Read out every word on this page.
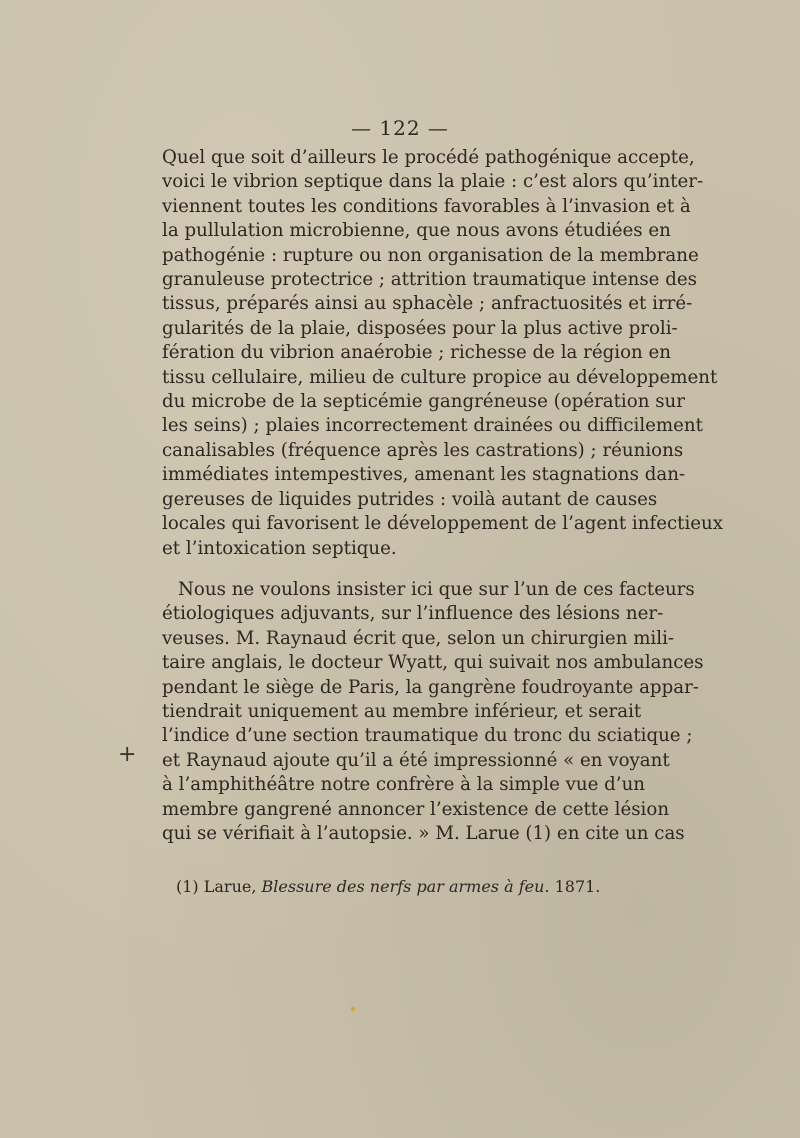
— 122 —
Quel que soit d’ailleurs le procédé pathogénique accepte,
voici le vibrion septique dans la plaie : c’est alors qu’inter-
viennent toutes les conditions favorables à l’invasion et à
la pullulation microbienne, que nous avons étudiées en
pathogénie : rupture ou non organisation de la membrane
granuleuse protectrice ; attrition traumatique intense des
tissus, préparés ainsi au sphacèle ; anfractuosités et irré-
gularités de la plaie, disposées pour la plus active proli-
fération du vibrion anaérobie ; richesse de la région en
tissu cellulaire, milieu de culture propice au développement
du microbe de la septicémie gangréneuse (opération sur
les seins) ; plaies incorrectement drainées ou difficilement
canalisables (fréquence après les castrations) ; réunions
immédiates intempestives, amenant les stagnations dan-
gereuses de liquides putrides : voilà autant de causes
locales qui favorisent le développement de l’agent infectieux
et l’intoxication septique.
Nous ne voulons insister ici que sur l’un de ces facteurs
étiologiques adjuvants, sur l’influence des lésions ner-
veuses. M. Raynaud écrit que, selon un chirurgien mili-
taire anglais, le docteur Wyatt, qui suivait nos ambulances
pendant le siège de Paris, la gangrène foudroyante appar-
tiendrait uniquement au membre inférieur, et serait
l’indice d’une section traumatique du tronc du sciatique ;
et Raynaud ajoute qu’il a été impressionné « en voyant
à l’amphithéâtre notre confrère à la simple vue d’un
membre gangrené annoncer l’existence de cette lésion
qui se vérifiait à l’autopsie. » M. Larue (1) en cite un cas
+
(1) Larue, Blessure des nerfs par armes à feu. 1871.
